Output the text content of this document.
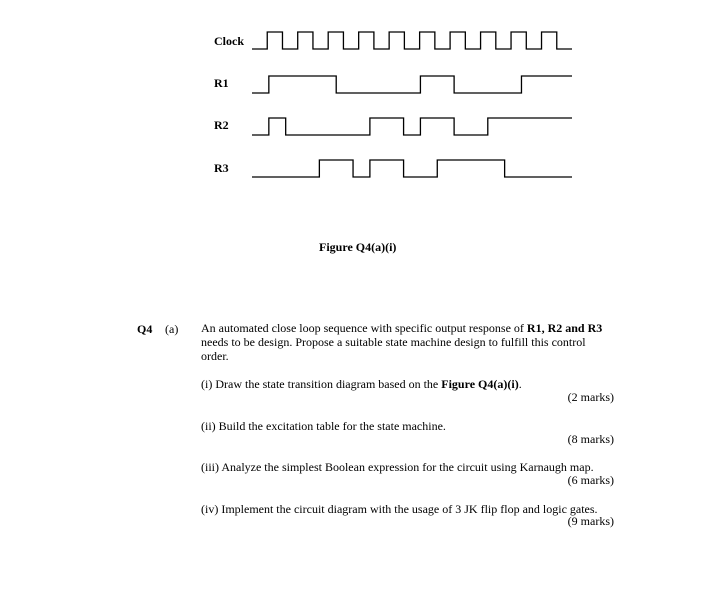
Clock
R1
R2
R3
Figure Q4(a)(i)
Q4 (a) An automated close loop sequence with specific output response of R1, R2 and R3
needs to be design. Propose a suitable state machine design to fulfill this control
order.
(i) Draw the state transition diagram based on the Figure Q4(a)(i).
(2 marks)
(ii) Build the excitation table for the state machine.
(8 marks)
(iii) Analyze the simplest Boolean expression for the circuit using Karnaugh map.
(6 marks)
(iv) Implement the circuit diagram with the usage of 3 JK flip flop and logic gates.
(9 marks)
